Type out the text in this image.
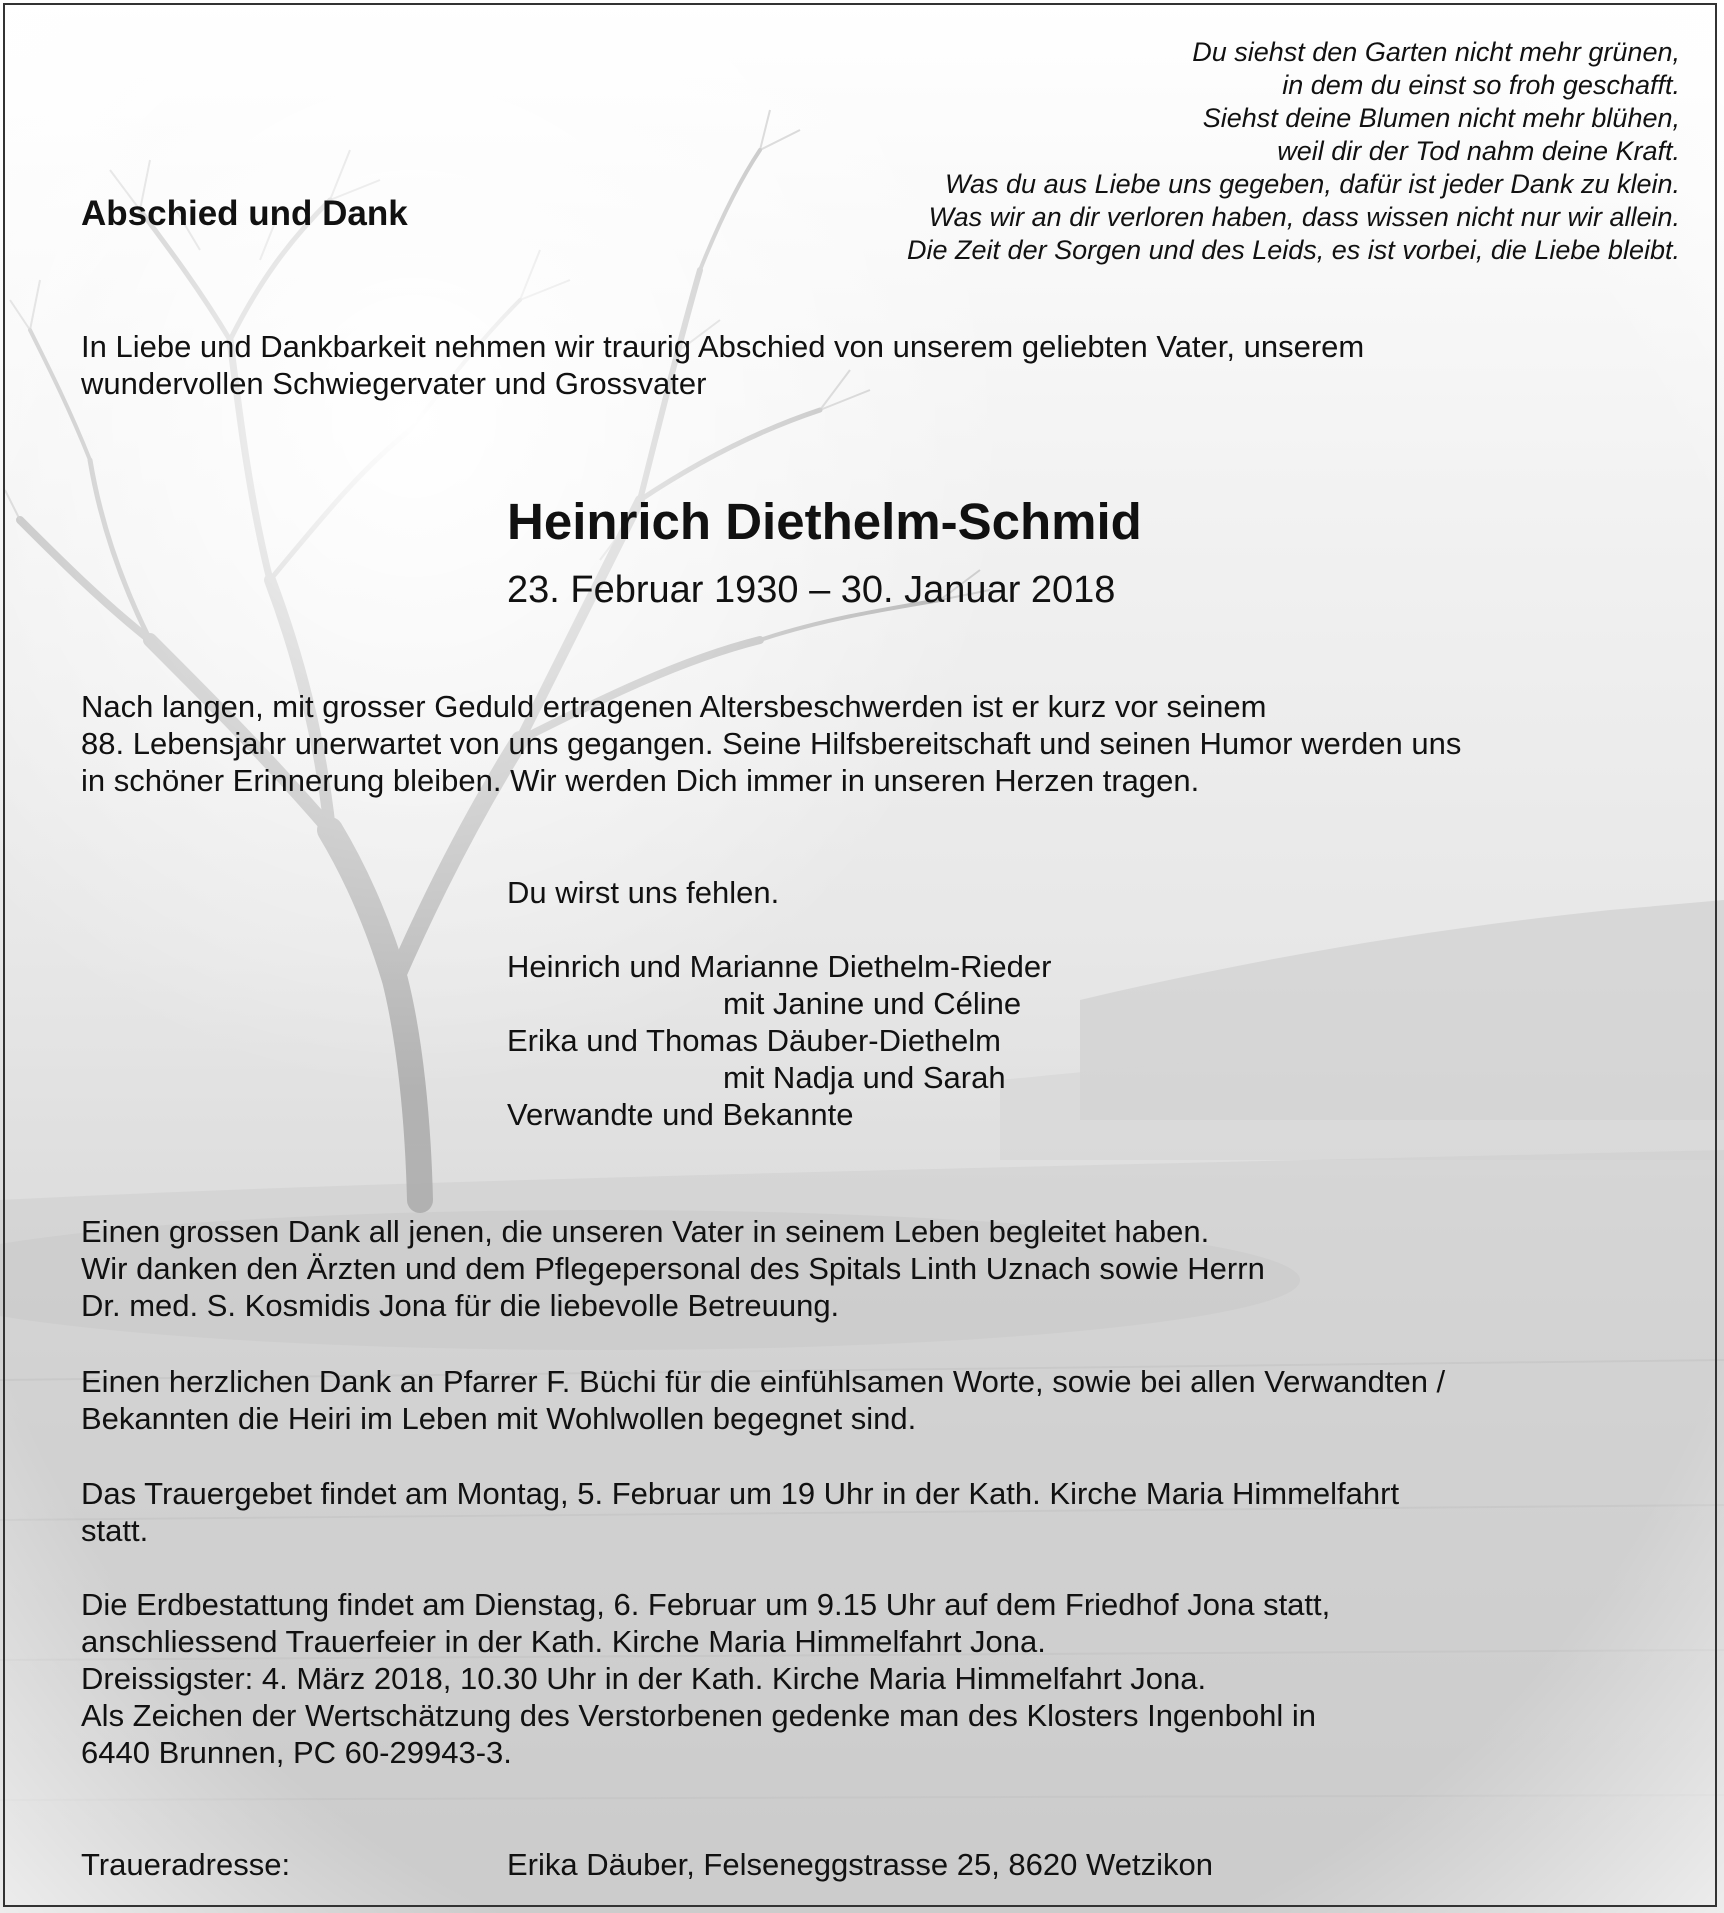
Abschied und Dank
Du siehst den Garten nicht mehr grünen,
in dem du einst so froh geschafft.
Siehst deine Blumen nicht mehr blühen,
weil dir der Tod nahm deine Kraft.
Was du aus Liebe uns gegeben, dafür ist jeder Dank zu klein.
Was wir an dir verloren haben, dass wissen nicht nur wir allein.
Die Zeit der Sorgen und des Leids, es ist vorbei, die Liebe bleibt.
In Liebe und Dankbarkeit nehmen wir traurig Abschied von unserem geliebten Vater, unserem
wundervollen Schwiegervater und Grossvater
Heinrich Diethelm-Schmid
23. Februar 1930 – 30. Januar 2018
Nach langen, mit grosser Geduld ertragenen Altersbeschwerden ist er kurz vor seinem
88. Lebensjahr unerwartet von uns gegangen. Seine Hilfsbereitschaft und seinen Humor werden uns
in schöner Erinnerung bleiben. Wir werden Dich immer in unseren Herzen tragen.
Du wirst uns fehlen.
Heinrich und Marianne Diethelm-Rieder
mit Janine und Céline
Erika und Thomas Däuber-Diethelm
mit Nadja und Sarah
Verwandte und Bekannte
Einen grossen Dank all jenen, die unseren Vater in seinem Leben begleitet haben.
Wir danken den Ärzten und dem Pflegepersonal des Spitals Linth Uznach sowie Herrn
Dr. med. S. Kosmidis Jona für die liebevolle Betreuung.
Einen herzlichen Dank an Pfarrer F. Büchi für die einfühlsamen Worte, sowie bei allen Verwandten /
Bekannten die Heiri im Leben mit Wohlwollen begegnet sind.
Das Trauergebet findet am Montag, 5. Februar um 19 Uhr in der Kath. Kirche Maria Himmelfahrt
statt.
Die Erdbestattung findet am Dienstag, 6. Februar um 9.15 Uhr auf dem Friedhof Jona statt,
anschliessend Trauerfeier in der Kath. Kirche Maria Himmelfahrt Jona.
Dreissigster: 4. März 2018, 10.30 Uhr in der Kath. Kirche Maria Himmelfahrt Jona.
Als Zeichen der Wertschätzung des Verstorbenen gedenke man des Klosters Ingenbohl in
6440 Brunnen, PC 60-29943-3.
Traueradresse:	Erika Däuber, Felseneggstrasse 25, 8620 Wetzikon
